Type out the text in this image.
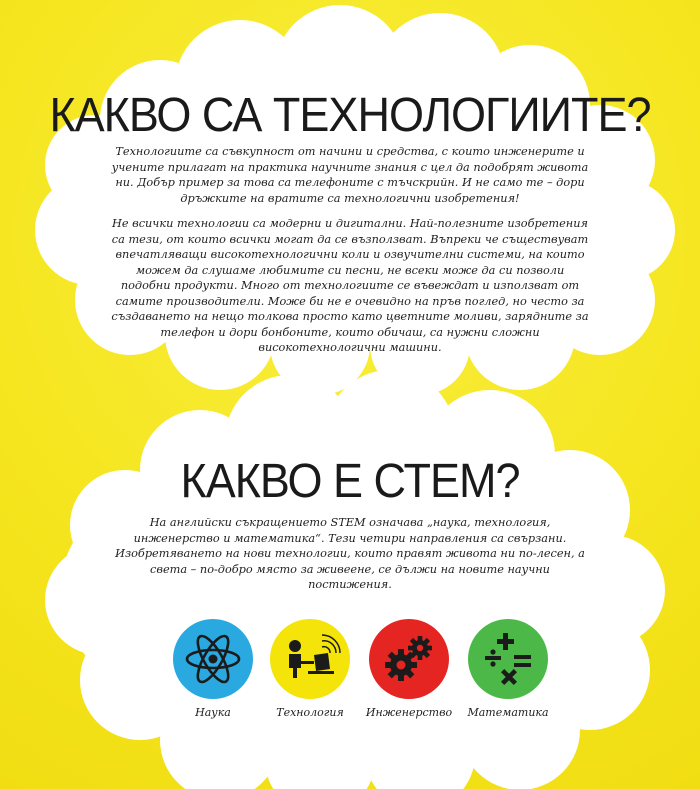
КАКВО СА ТЕХНОЛОГИИТЕ?

Технологиите са съвкупност от начини и средства, с които инженерите и учените прилагат на практика научните знания с цел да подобрят живота ни. Добър пример за това са телефоните с тъчскрийн. И не само те – дори дръжките на вратите са технологични изобретения!

Не всички технологии са модерни и дигитални. Най-полезните изобретения са тези, от които всички могат да се възползват. Въпреки че съществуват впечатляващи високотехнологични коли и озвучителни системи, на които можем да слушаме любимите си песни, не всеки може да си позволи подобни продукти. Много от технологиите се въвеждат и използват от самите производители. Може би не е очевидно на пръв поглед, но често за създаването на нещо толкова просто като цветните моливи, зарядните за телефон и дори бонбоните, които обичаш, са нужни сложни високотехнологични машини.

КАКВО Е СТЕМ?

На английски съкращението STEM означава „наука, технология, инженерство и математика“. Тези четири направления са свързани. Изобретяването на нови технологии, които правят живота ни по-лесен, а света – по-добро място за живеене, се дължи на новите научни постижения.

Наука	Технология	Инженерство	Математика
